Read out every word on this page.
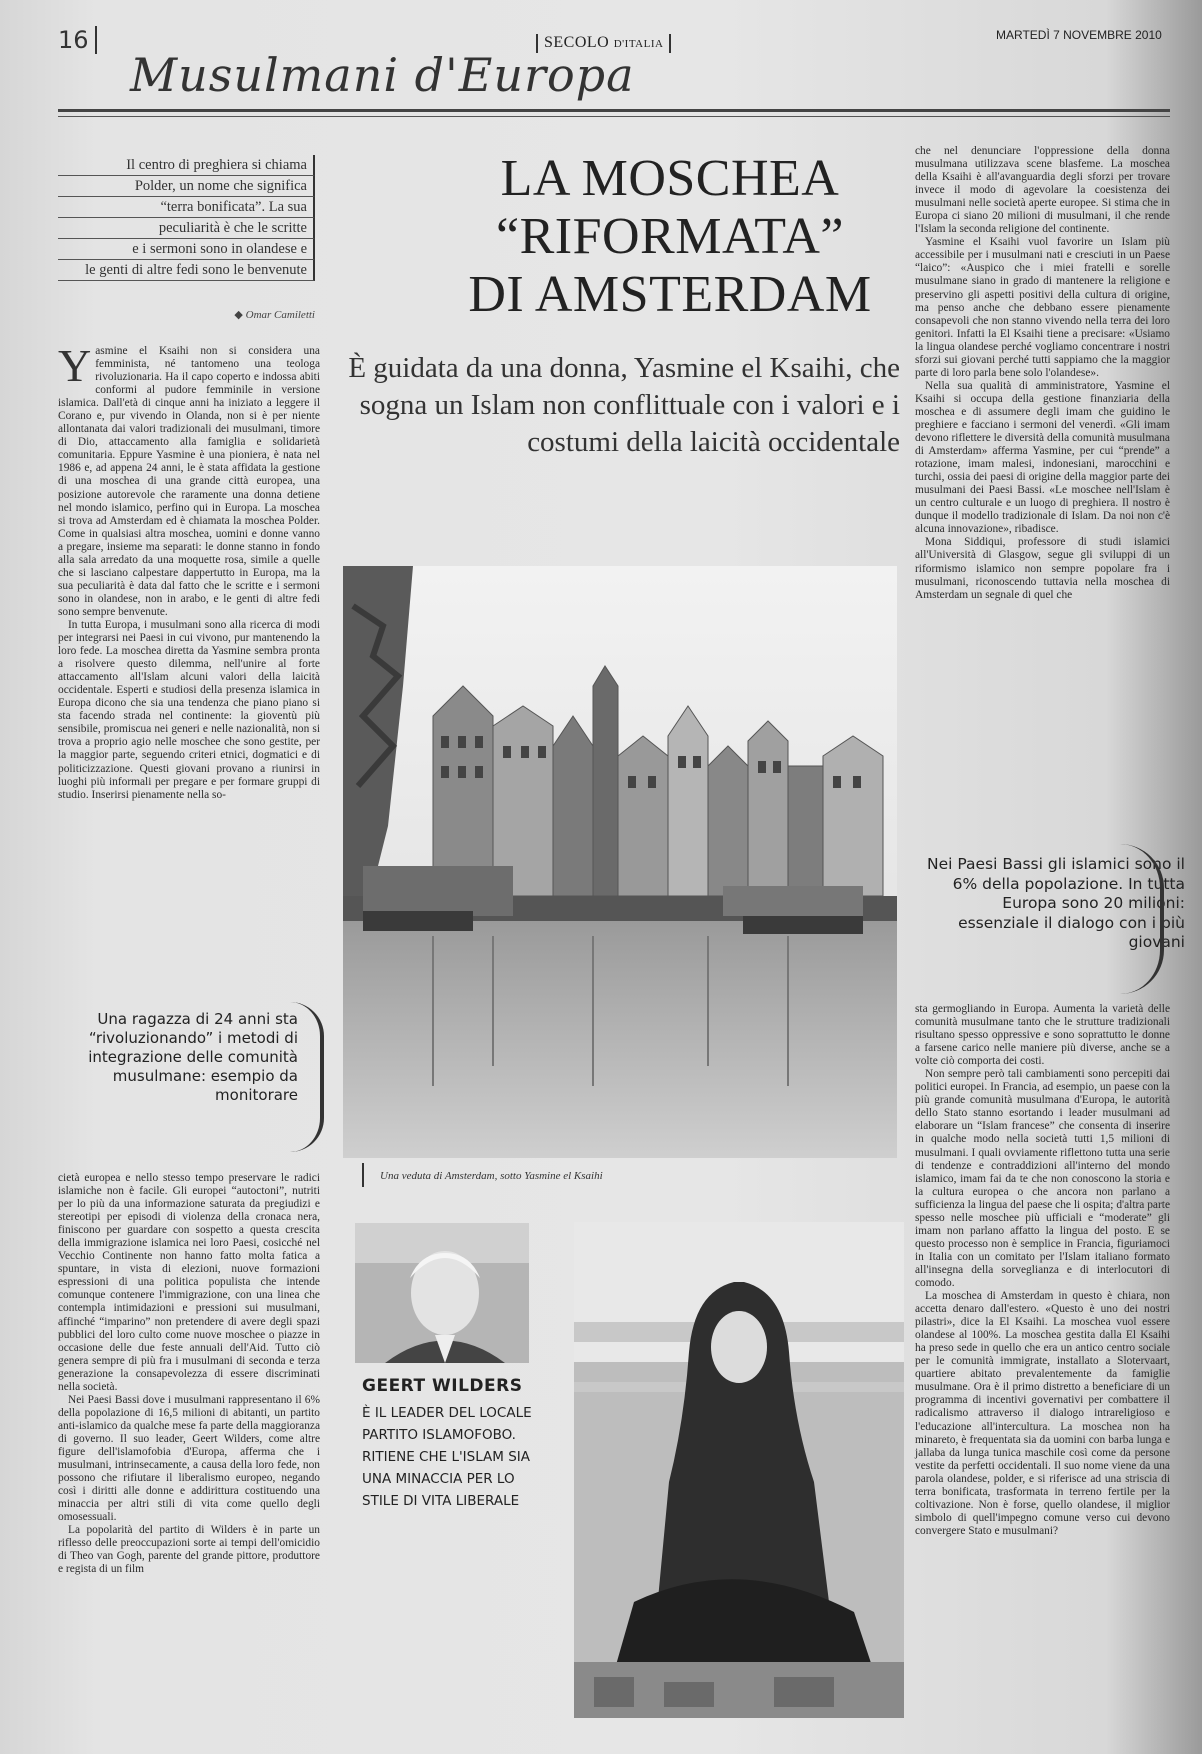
16	SECOLO D'ITALIA
MARTEDÌ 7 NOVEMBRE 2010
Musulmani d'Europa
Il centro di preghiera si chiama
Polder, un nome che significa
“terra bonificata”. La sua
peculiarità è che le scritte
e i sermoni sono in olandese e
le genti di altre fedi sono le benvenute
◆ Omar Camiletti

Yasmine el Ksaihi non si considera una femminista, né tantomeno una teologa rivoluzionaria. Ha il capo coperto e indossa abiti conformi al pudore femminile in versione islamica. Dall'età di cinque anni ha iniziato a leggere il Corano e, pur vivendo in Olanda, non si è per niente allontanata dai valori tradizionali dei musulmani, timore di Dio, attaccamento alla famiglia e solidarietà comunitaria. Eppure Yasmine è una pioniera, è nata nel 1986 e, ad appena 24 anni, le è stata affidata la gestione di una moschea di una grande città europea, una posizione autorevole che raramente una donna detiene nel mondo islamico, perfino qui in Europa. La moschea si trova ad Amsterdam ed è chiamata la moschea Polder. Come in qualsiasi altra moschea, uomini e donne vanno a pregare, insieme ma separati: le donne stanno in fondo alla sala arredato da una moquette rosa, simile a quelle che si lasciano calpestare dappertutto in Europa, ma la sua peculiarità è data dal fatto che le scritte e i sermoni sono in olandese, non in arabo, e le genti di altre fedi sono sempre benvenute.

In tutta Europa, i musulmani sono alla ricerca di modi per integrarsi nei Paesi in cui vivono, pur mantenendo la loro fede. La moschea diretta da Yasmine sembra pronta a risolvere questo dilemma, nell'unire al forte attaccamento all'Islam alcuni valori della laicità occidentale. Esperti e studiosi della presenza islamica in Europa dicono che sia una tendenza che piano piano si sta facendo strada nel continente: la gioventù più sensibile, promiscua nei generi e nelle nazionalità, non si trova a proprio agio nelle moschee che sono gestite, per la maggior parte, seguendo criteri etnici, dogmatici e di politicizzazione. Questi giovani provano a riunirsi in luoghi più informali per pregare e per formare gruppi di studio. Inserirsi pienamente nella so-

Una ragazza di 24 anni sta “rivoluzionando” i metodi di integrazione delle comunità musulmane: esempio da monitorare

cietà europea e nello stesso tempo preservare le radici islamiche non è facile. Gli europei “autoctoni”, nutriti per lo più da una informazione saturata da pregiudizi e stereotipi per episodi di violenza della cronaca nera, finiscono per guardare con sospetto a questa crescita della immigrazione islamica nei loro Paesi, cosicché nel Vecchio Continente non hanno fatto molta fatica a spuntare, in vista di elezioni, nuove formazioni espressioni di una politica populista che intende comunque contenere l'immigrazione, con una linea che contempla intimidazioni e pressioni sui musulmani, affinché “imparino” non pretendere di avere degli spazi pubblici del loro culto come nuove moschee o piazze in occasione delle due feste annuali dell'Aid. Tutto ciò genera sempre di più fra i musulmani di seconda e terza generazione la consapevolezza di essere discriminati nella società.

Nei Paesi Bassi dove i musulmani rappresentano il 6% della popolazione di 16,5 milioni di abitanti, un partito anti-islamico da qualche mese fa parte della maggioranza di governo. Il suo leader, Geert Wilders, come altre figure dell'islamofobia d'Europa, afferma che i musulmani, intrinsecamente, a causa della loro fede, non possono che rifiutare il liberalismo europeo, negando così i diritti alle donne e addirittura costituendo una minaccia per altri stili di vita come quello degli omosessuali.

La popolarità del partito di Wilders è in parte un riflesso delle preoccupazioni sorte ai tempi dell'omicidio di Theo van Gogh, parente del grande pittore, produttore e regista di un film

LA MOSCHEA
“RIFORMATA”
DI AMSTERDAM
È guidata da una donna, Yasmine el Ksaihi, che sogna un Islam non conflittuale con i valori e i costumi della laicità occidentale
Una veduta di Amsterdam, sotto Yasmine el Ksaihi
GEERT WILDERS
È IL LEADER DEL LOCALE PARTITO ISLAMOFOBO. RITIENE CHE L'ISLAM SIA UNA MINACCIA PER LO STILE DI VITA LIBERALE

che nel denunciare l'oppressione della donna musulmana utilizzava scene blasfeme. La moschea della Ksaihi è all'avanguardia degli sforzi per trovare invece il modo di agevolare la coesistenza dei musulmani nelle società aperte europee. Si stima che in Europa ci siano 20 milioni di musulmani, il che rende l'Islam la seconda religione del continente.

Yasmine el Ksaihi vuol favorire un Islam più accessibile per i musulmani nati e cresciuti in un Paese “laico”: «Auspico che i miei fratelli e sorelle musulmane siano in grado di mantenere la religione e preservino gli aspetti positivi della cultura di origine, ma penso anche che debbano essere pienamente consapevoli che non stanno vivendo nella terra dei loro genitori. Infatti la El Ksaihi tiene a precisare: «Usiamo la lingua olandese perché vogliamo concentrare i nostri sforzi sui giovani perché tutti sappiamo che la maggior parte di loro parla bene solo l'olandese».

Nella sua qualità di amministratore, Yasmine el Ksaihi si occupa della gestione finanziaria della moschea e di assumere degli imam che guidino le preghiere e facciano i sermoni del venerdì. «Gli imam devono riflettere le diversità della comunità musulmana di Amsterdam» afferma Yasmine, per cui “prende” a rotazione, imam malesi, indonesiani, marocchini e turchi, ossia dei paesi di origine della maggior parte dei musulmani dei Paesi Bassi. «Le moschee nell'Islam è un centro culturale e un luogo di preghiera. Il nostro è dunque il modello tradizionale di Islam. Da noi non c'è alcuna innovazione», ribadisce.

Mona Siddiqui, professore di studi islamici all'Università di Glasgow, segue gli sviluppi di un riformismo islamico non sempre popolare fra i musulmani, riconoscendo tuttavia nella moschea di Amsterdam un segnale di quel che

Nei Paesi Bassi gli islamici sono il 6% della popolazione. In tutta Europa sono 20 milioni: essenziale il dialogo con i più giovani

sta germogliando in Europa. Aumenta la varietà delle comunità musulmane tanto che le strutture tradizionali risultano spesso oppressive e sono soprattutto le donne a farsene carico nelle maniere più diverse, anche se a volte ciò comporta dei costi.

Non sempre però tali cambiamenti sono percepiti dai politici europei. In Francia, ad esempio, un paese con la più grande comunità musulmana d'Europa, le autorità dello Stato stanno esortando i leader musulmani ad elaborare un “Islam francese” che consenta di inserire in qualche modo nella società tutti 1,5 milioni di musulmani. I quali ovviamente riflettono tutta una serie di tendenze e contraddizioni all'interno del mondo islamico, imam fai da te che non conoscono la storia e la cultura europea o che ancora non parlano a sufficienza la lingua del paese che li ospita; d'altra parte spesso nelle moschee più ufficiali e “moderate” gli imam non parlano affatto la lingua del posto. E se questo processo non è semplice in Francia, figuriamoci in Italia con un comitato per l'Islam italiano formato all'insegna della sorveglianza e di interlocutori di comodo.

La moschea di Amsterdam in questo è chiara, non accetta denaro dall'estero. «Questo è uno dei nostri pilastri», dice la El Ksaihi. La moschea vuol essere olandese al 100%. La moschea gestita dalla El Ksaihi ha preso sede in quello che era un antico centro sociale per le comunità immigrate, installato a Slotervaart, quartiere abitato prevalentemente da famiglie musulmane. Ora è il primo distretto a beneficiare di un programma di incentivi governativi per combattere il radicalismo attraverso il dialogo intrareligioso e l'educazione all'intercultura. La moschea non ha minareto, è frequentata sia da uomini con barba lunga e jallaba da lunga tunica maschile così come da persone vestite da perfetti occidentali. Il suo nome viene da una parola olandese, polder, e si riferisce ad una striscia di terra bonificata, trasformata in terreno fertile per la coltivazione. Non è forse, quello olandese, il miglior simbolo di quell'impegno comune verso cui devono convergere Stato e musulmani?
